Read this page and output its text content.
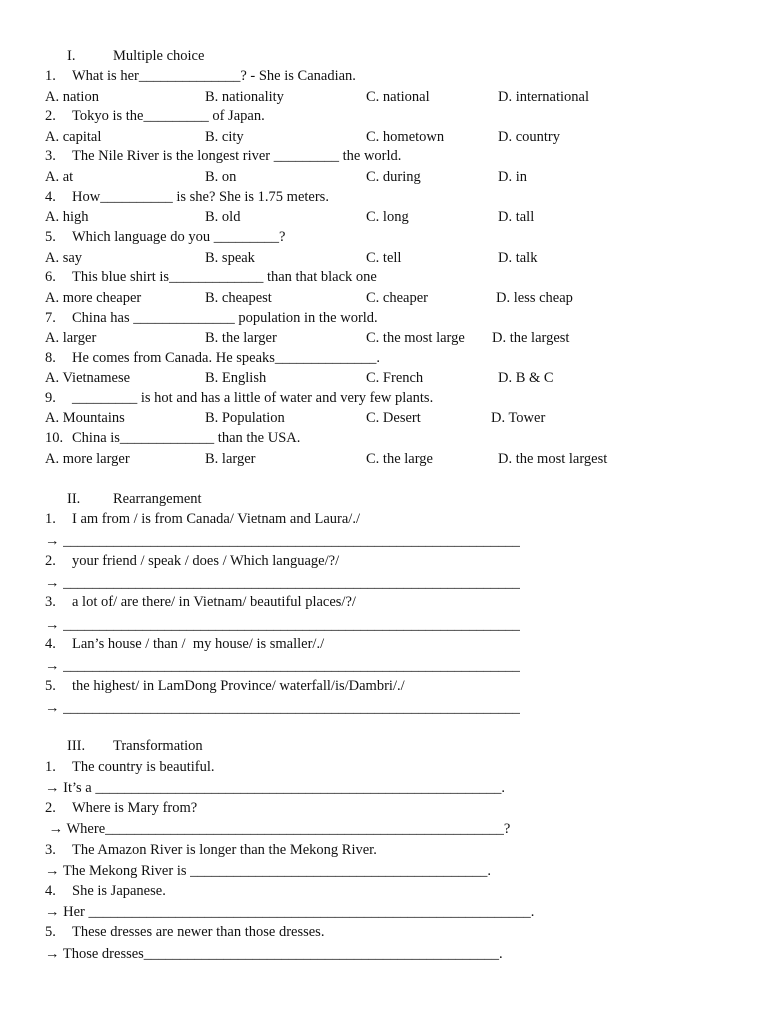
I.	Multiple choice
1. What is her______________? - She is Canadian.
A. nation	B. nationality	C. national	D. international
2. Tokyo is the_________ of Japan.
A. capital	B. city	C. hometown	D. country
3. The Nile River is the longest river _________ the world.
A. at	B. on	C. during	D. in
4. How__________ is she? She is 1.75 meters.
A. high	B. old	C. long	D. tall
5. Which language do you _________?
A. say	B. speak	C. tell	D. talk
6. This blue shirt is_____________ than that black one
A. more cheaper	B. cheapest	C. cheaper	D. less cheap
7. China has ______________ population in the world.
A. larger	B. the larger	C. the most large D. the largest
8. He comes from Canada. He speaks______________.
A. Vietnamese	B. English	C. French	D. B & C
9. _________ is hot and has a little of water and very few plants.
A. Mountains	B. Population	C. Desert	D. Tower
10. China is_____________ than the USA.
A. more larger	B. larger	C. the large	D. the most largest
II. Rearrangement
1. I am from / is from Canada/ Vietnam and Laura/./
→ _______________________________________________________________
2. your friend / speak / does / Which language/?/
→ _______________________________________________________________
3. a lot of/ are there/ in Vietnam/ beautiful places/?/
→ _______________________________________________________________
4. Lan’s house / than /  my house/ is smaller/./
→ _______________________________________________________________
5. the highest/ in LamDong Province/ waterfall/is/Dambri/./
→ _______________________________________________________________
III. Transformation
1. The country is beautiful.
→ It’s a ________________________________________________________.
2. Where is Mary from?
→ Where_______________________________________________________?
3. The Amazon River is longer than the Mekong River.
→ The Mekong River is _________________________________________.
4. She is Japanese.
→ Her _____________________________________________________________.
5. These dresses are newer than those dresses.
→ Those dresses_________________________________________________.
